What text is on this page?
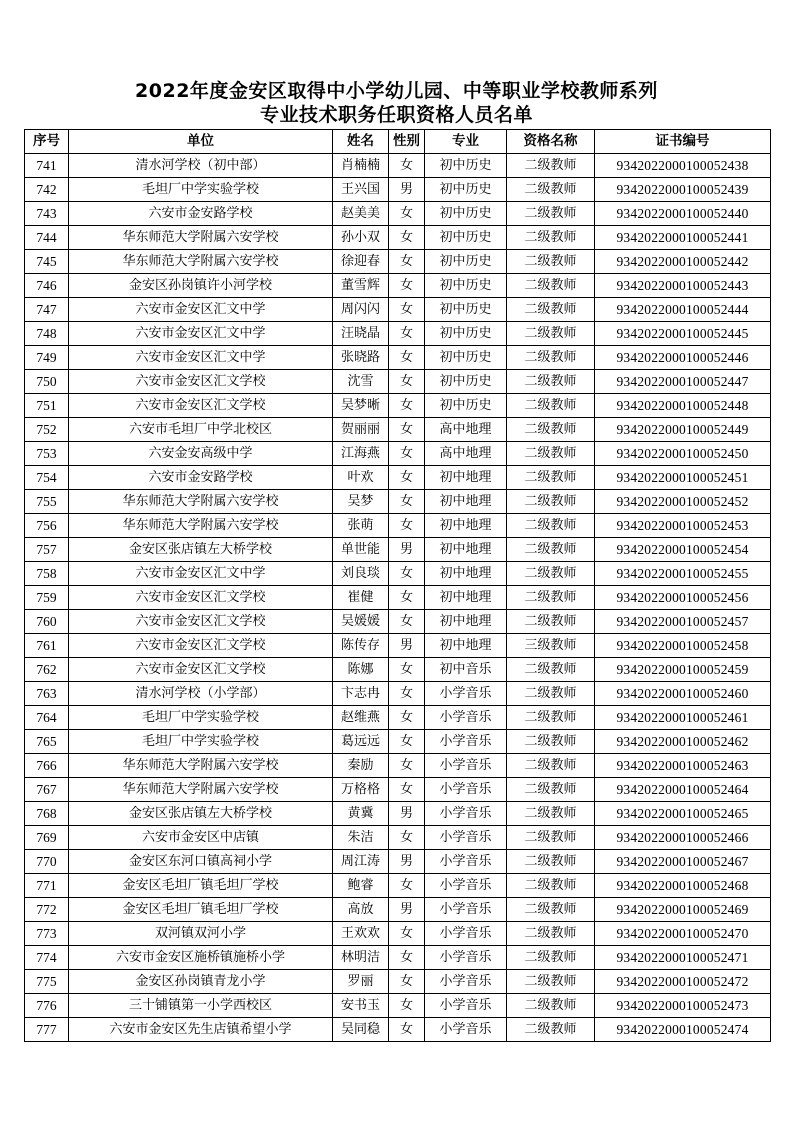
2022年度金安区取得中小学幼儿园、中等职业学校教师系列
专业技术职务任职资格人员名单
序号	单位	姓名	性别	专业	资格名称	证书编号
741	清水河学校（初中部）	肖楠楠	女	初中历史	二级教师	9342022000100052438
742	毛坦厂中学实验学校	王兴国	男	初中历史	二级教师	9342022000100052439
743	六安市金安路学校	赵美美	女	初中历史	二级教师	9342022000100052440
744	华东师范大学附属六安学校	孙小双	女	初中历史	二级教师	9342022000100052441
745	华东师范大学附属六安学校	徐迎春	女	初中历史	二级教师	9342022000100052442
746	金安区孙岗镇许小河学校	董雪辉	女	初中历史	二级教师	9342022000100052443
747	六安市金安区汇文中学	周闪闪	女	初中历史	二级教师	9342022000100052444
748	六安市金安区汇文中学	汪晓晶	女	初中历史	二级教师	9342022000100052445
749	六安市金安区汇文中学	张晓路	女	初中历史	二级教师	9342022000100052446
750	六安市金安区汇文学校	沈雪	女	初中历史	二级教师	9342022000100052447
751	六安市金安区汇文学校	吴梦晰	女	初中历史	二级教师	9342022000100052448
752	六安市毛坦厂中学北校区	贺丽丽	女	高中地理	二级教师	9342022000100052449
753	六安金安高级中学	江海燕	女	高中地理	二级教师	9342022000100052450
754	六安市金安路学校	叶欢	女	初中地理	二级教师	9342022000100052451
755	华东师范大学附属六安学校	吴梦	女	初中地理	二级教师	9342022000100052452
756	华东师范大学附属六安学校	张萌	女	初中地理	二级教师	9342022000100052453
757	金安区张店镇左大桥学校	单世能	男	初中地理	二级教师	9342022000100052454
758	六安市金安区汇文中学	刘良琰	女	初中地理	二级教师	9342022000100052455
759	六安市金安区汇文学校	崔健	女	初中地理	二级教师	9342022000100052456
760	六安市金安区汇文学校	吴媛媛	女	初中地理	二级教师	9342022000100052457
761	六安市金安区汇文学校	陈传存	男	初中地理	三级教师	9342022000100052458
762	六安市金安区汇文学校	陈娜	女	初中音乐	二级教师	9342022000100052459
763	清水河学校（小学部）	卞志冉	女	小学音乐	二级教师	9342022000100052460
764	毛坦厂中学实验学校	赵维燕	女	小学音乐	二级教师	9342022000100052461
765	毛坦厂中学实验学校	葛远远	女	小学音乐	二级教师	9342022000100052462
766	华东师范大学附属六安学校	秦励	女	小学音乐	二级教师	9342022000100052463
767	华东师范大学附属六安学校	万格格	女	小学音乐	二级教师	9342022000100052464
768	金安区张店镇左大桥学校	黄冀	男	小学音乐	二级教师	9342022000100052465
769	六安市金安区中店镇	朱洁	女	小学音乐	二级教师	9342022000100052466
770	金安区东河口镇高祠小学	周江涛	男	小学音乐	二级教师	9342022000100052467
771	金安区毛坦厂镇毛坦厂学校	鲍睿	女	小学音乐	二级教师	9342022000100052468
772	金安区毛坦厂镇毛坦厂学校	高放	男	小学音乐	二级教师	9342022000100052469
773	双河镇双河小学	王欢欢	女	小学音乐	二级教师	9342022000100052470
774	六安市金安区施桥镇施桥小学	林明洁	女	小学音乐	二级教师	9342022000100052471
775	金安区孙岗镇青龙小学	罗丽	女	小学音乐	二级教师	9342022000100052472
776	三十铺镇第一小学西校区	安书玉	女	小学音乐	二级教师	9342022000100052473
777	六安市金安区先生店镇希望小学	吴同稳	女	小学音乐	二级教师	9342022000100052474
